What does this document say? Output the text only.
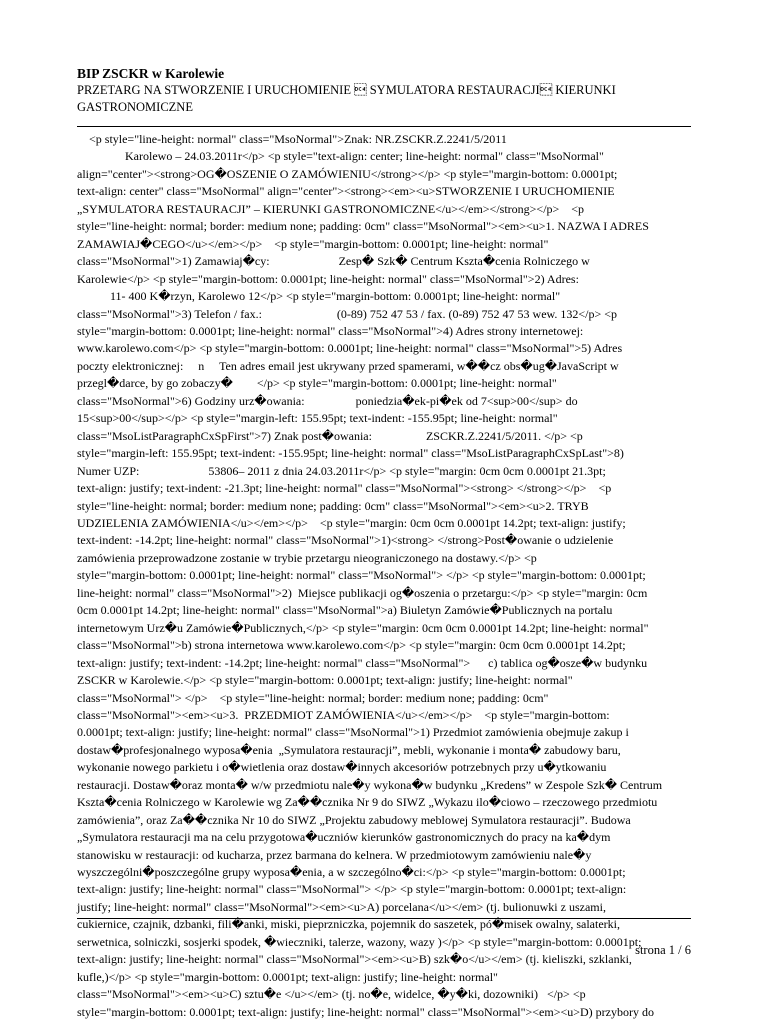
BIP ZSCKR w Karolewie

PRZETARG NA STWORZENIE I URUCHOMIENIE  SYMULATORA RESTAURACJI KIERUNKI

GASTRONOMICZNE

<p style="line-height: normal" class="MsoNormal">Znak: NR.ZSCKR.Z.2241/5/2011
Karolewo – 24.03.2011r</p> <p style="text-align: center; line-height: normal" class="MsoNormal"
align="center"><strong>OG�OSZENIE O ZAMÓWIENIU</strong></p> <p style="margin-bottom: 0.0001pt;
text-align: center" class="MsoNormal" align="center"><strong><em><u>STWORZENIE I URUCHOMIENIE
„SYMULATORA RESTAURACJI” – KIERUNKI GASTRONOMICZNE</u></em></strong></p>    <p
style="line-height: normal; border: medium none; padding: 0cm" class="MsoNormal"><em><u>1. NAZWA I ADRES
ZAMAWIAJ�CEGO</u></em></p>    <p style="margin-bottom: 0.0001pt; line-height: normal"
class="MsoNormal">1) Zamawiaj�cy:                       Zesp� Szk� Centrum Kszta�cenia Rolniczego w
Karolewie</p> <p style="margin-bottom: 0.0001pt; line-height: normal" class="MsoNormal">2) Adres:
11- 400 K�rzyn, Karolewo 12</p> <p style="margin-bottom: 0.0001pt; line-height: normal"
class="MsoNormal">3) Telefon / fax.:                         (0-89) 752 47 53 / fax. (0-89) 752 47 53 wew. 132</p> <p
style="margin-bottom: 0.0001pt; line-height: normal" class="MsoNormal">4) Adres strony internetowej:
www.karolewo.com</p> <p style="margin-bottom: 0.0001pt; line-height: normal" class="MsoNormal">5) Adres
poczty elektronicznej:     n     Ten adres email jest ukrywany przed spamerami, w��cz obs�ug�JavaScript w
przegl�darce, by go zobaczy�        </p> <p style="margin-bottom: 0.0001pt; line-height: normal"
class="MsoNormal">6) Godziny urz�owania:                 poniedzia�ek-pi�ek od 7<sup>00</sup> do
15<sup>00</sup></p> <p style="margin-left: 155.95pt; text-indent: -155.95pt; line-height: normal"
class="MsoListParagraphCxSpFirst">7) Znak post�owania:                  ZSCKR.Z.2241/5/2011. </p> <p
style="margin-left: 155.95pt; text-indent: -155.95pt; line-height: normal" class="MsoListParagraphCxSpLast">8)
Numer UZP:                       53806– 2011 z dnia 24.03.2011r</p> <p style="margin: 0cm 0cm 0.0001pt 21.3pt;
text-align: justify; text-indent: -21.3pt; line-height: normal" class="MsoNormal"><strong> </strong></p>    <p
style="line-height: normal; border: medium none; padding: 0cm" class="MsoNormal"><em><u>2. TRYB
UDZIELENIA ZAMÓWIENIA</u></em></p>    <p style="margin: 0cm 0cm 0.0001pt 14.2pt; text-align: justify;
text-indent: -14.2pt; line-height: normal" class="MsoNormal">1)<strong> </strong>Post�owanie o udzielenie
zamówienia przeprowadzone zostanie w trybie przetargu nieograniczonego na dostawy.</p> <p
style="margin-bottom: 0.0001pt; line-height: normal" class="MsoNormal"> </p> <p style="margin-bottom: 0.0001pt;
line-height: normal" class="MsoNormal">2)  Miejsce publikacji og�oszenia o przetargu:</p> <p style="margin: 0cm
0cm 0.0001pt 14.2pt; line-height: normal" class="MsoNormal">a) Biuletyn Zamówie�Publicznych na portalu
internetowym Urz�u Zamówie�Publicznych,</p> <p style="margin: 0cm 0cm 0.0001pt 14.2pt; line-height: normal"
class="MsoNormal">b) strona internetowa www.karolewo.com</p> <p style="margin: 0cm 0cm 0.0001pt 14.2pt;
text-align: justify; text-indent: -14.2pt; line-height: normal" class="MsoNormal">      c) tablica og�osze�w budynku
ZSCKR w Karolewie.</p> <p style="margin-bottom: 0.0001pt; text-align: justify; line-height: normal"
class="MsoNormal"> </p>    <p style="line-height: normal; border: medium none; padding: 0cm"
class="MsoNormal"><em><u>3.  PRZEDMIOT ZAMÓWIENIA</u></em></p>    <p style="margin-bottom:
0.0001pt; text-align: justify; line-height: normal" class="MsoNormal">1) Przedmiot zamówienia obejmuje zakup i
dostaw�profesjonalnego wyposa�enia  „Symulatora restauracji”, mebli, wykonanie i monta� zabudowy baru,
wykonanie nowego parkietu i o�wietlenia oraz dostaw�innych akcesoriów potrzebnych przy u�ytkowaniu
restauracji. Dostaw�oraz monta� w/w przedmiotu nale�y wykona�w budynku „Kredens” w Zespole Szk� Centrum
Kszta�cenia Rolniczego w Karolewie wg Za��cznika Nr 9 do SIWZ „Wykazu ilo�ciowo – rzeczowego przedmiotu
zamówienia”, oraz Za��cznika Nr 10 do SIWZ „Projektu zabudowy meblowej Symulatora restauracji”. Budowa
„Symulatora restauracji ma na celu przygotowa�uczniów kierunków gastronomicznych do pracy na ka�dym
stanowisku w restauracji: od kucharza, przez barmana do kelnera. W przedmiotowym zamówieniu nale�y
wyszczególni�poszczególne grupy wyposa�enia, a w szczególno�ci:</p> <p style="margin-bottom: 0.0001pt;
text-align: justify; line-height: normal" class="MsoNormal"> </p> <p style="margin-bottom: 0.0001pt; text-align:
justify; line-height: normal" class="MsoNormal"><em><u>A) porcelana</u></em> (tj. bulionuwki z uszami,
cukiernice, czajnik, dzbanki, fili�anki, miski, pieprzniczka, pojemnik do saszetek, pó�misek owalny, salaterki,
serwetnica, solniczki, sosjerki spodek, �wieczniki, talerze, wazony, wazy )</p> <p style="margin-bottom: 0.0001pt;
text-align: justify; line-height: normal" class="MsoNormal"><em><u>B) szk�o</u></em> (tj. kieliszki, szklanki,
kufle,)</p> <p style="margin-bottom: 0.0001pt; text-align: justify; line-height: normal"
class="MsoNormal"><em><u>C) sztu�e </u></em> (tj. no�e, widelce, �y�ki, dozowniki)   </p> <p
style="margin-bottom: 0.0001pt; text-align: justify; line-height: normal" class="MsoNormal"><em><u>D) przybory do
strona 1 / 6
